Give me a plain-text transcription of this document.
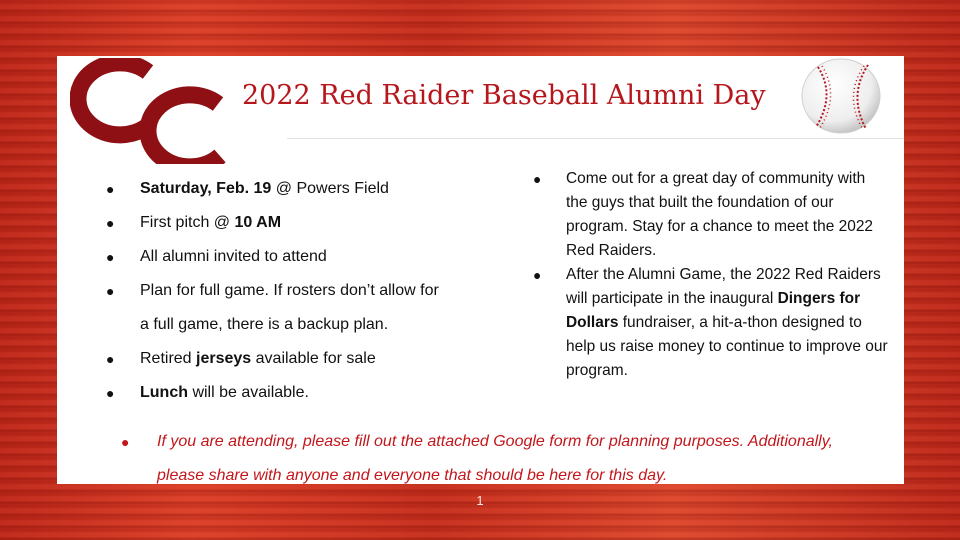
2022 Red Raider Baseball Alumni Day
● Saturday, Feb. 19 @ Powers Field
● First pitch @ 10 AM
● All alumni invited to attend
● Plan for full game. If rosters don’t allow for
a full game, there is a backup plan.
● Retired jerseys available for sale
● Lunch will be available.
● Come out for a great day of community with
the guys that built the foundation of our
program. Stay for a chance to meet the 2022
Red Raiders.
● After the Alumni Game, the 2022 Red Raiders
will participate in the inaugural Dingers for
Dollars fundraiser, a hit-a-thon designed to
help us raise money to continue to improve our
program.
● If you are attending, please fill out the attached Google form for planning purposes. Additionally,
please share with anyone and everyone that should be here for this day.
1
